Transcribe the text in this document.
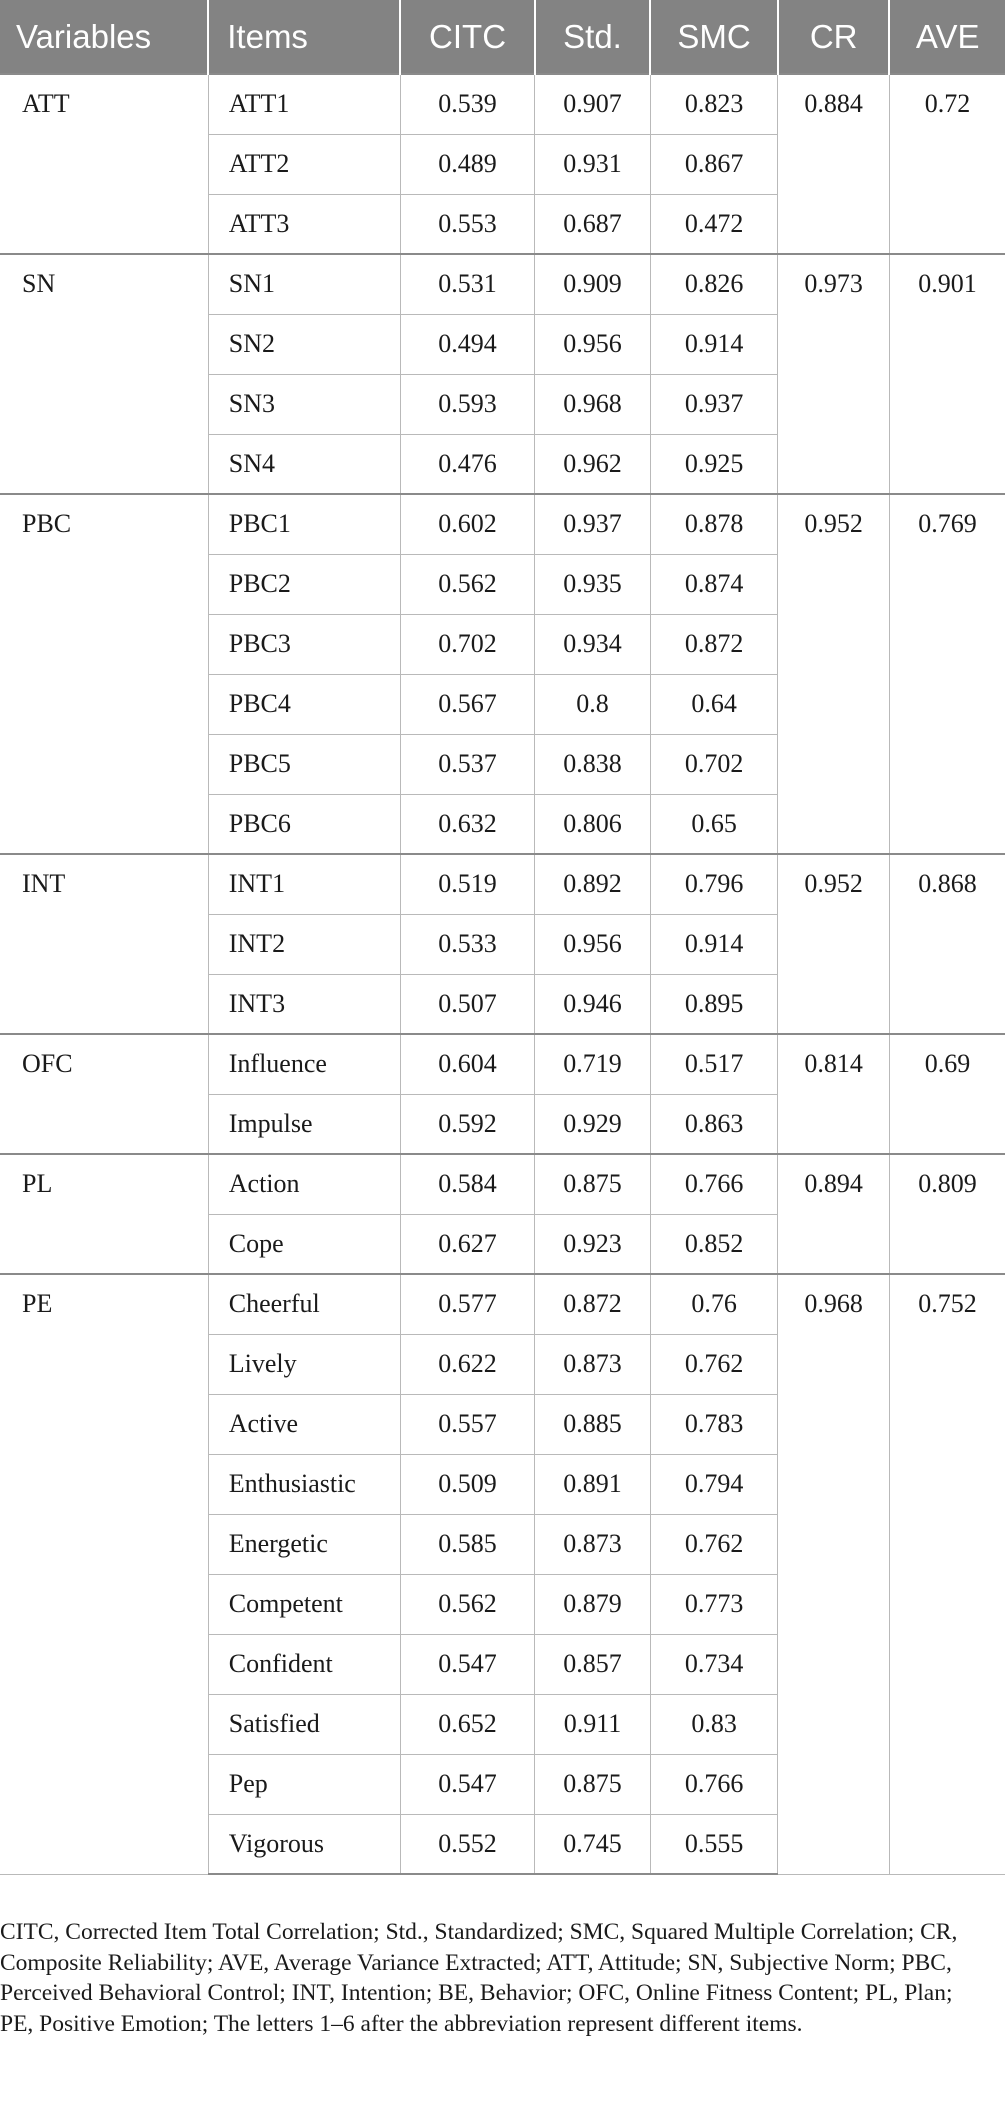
Variables	Items	CITC	Std.	SMC	CR	AVE
ATT	ATT1	0.539	0.907	0.823	0.884	0.72
	ATT2	0.489	0.931	0.867		
	ATT3	0.553	0.687	0.472		
SN	SN1	0.531	0.909	0.826	0.973	0.901
	SN2	0.494	0.956	0.914		
	SN3	0.593	0.968	0.937		
	SN4	0.476	0.962	0.925		
PBC	PBC1	0.602	0.937	0.878	0.952	0.769
	PBC2	0.562	0.935	0.874		
	PBC3	0.702	0.934	0.872		
	PBC4	0.567	0.8	0.64		
	PBC5	0.537	0.838	0.702		
	PBC6	0.632	0.806	0.65		
INT	INT1	0.519	0.892	0.796	0.952	0.868
	INT2	0.533	0.956	0.914		
	INT3	0.507	0.946	0.895		
OFC	Influence	0.604	0.719	0.517	0.814	0.69
	Impulse	0.592	0.929	0.863		
PL	Action	0.584	0.875	0.766	0.894	0.809
	Cope	0.627	0.923	0.852		
PE	Cheerful	0.577	0.872	0.76	0.968	0.752
	Lively	0.622	0.873	0.762		
	Active	0.557	0.885	0.783		
	Enthusiastic	0.509	0.891	0.794		
	Energetic	0.585	0.873	0.762		
	Competent	0.562	0.879	0.773		
	Confident	0.547	0.857	0.734		
	Satisfied	0.652	0.911	0.83		
	Pep	0.547	0.875	0.766		
	Vigorous	0.552	0.745	0.555		
CITC, Corrected Item Total Correlation; Std., Standardized; SMC, Squared Multiple Correlation; CR, Composite Reliability; AVE, Average Variance Extracted; ATT, Attitude; SN, Subjective Norm; PBC, Perceived Behavioral Control; INT, Intention; BE, Behavior; OFC, Online Fitness Content; PL, Plan; PE, Positive Emotion; The letters 1–6 after the abbreviation represent different items.
